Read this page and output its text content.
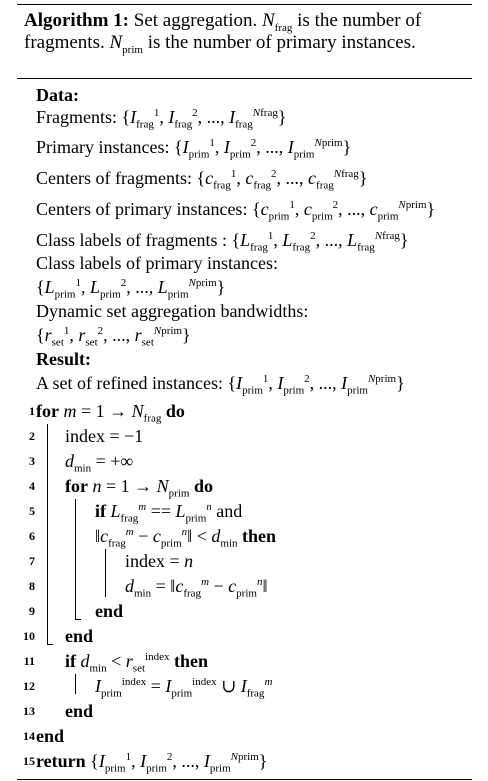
Algorithm 1: Set aggregation. $N_{frag}$ is the number of fragments. $N_{prim}$ is the number of primary instances.
Data:
Fragments: {$I_{frag}^1$, $I_{frag}^2$, ..., $I_{frag}^{Nfrag}$}
Primary instances: {$I_{prim}^1$, $I_{prim}^2$, ..., $I_{prim}^{Nprim}$}
Centers of fragments: {$c_{frag}^1$, $c_{frag}^2$, ..., $c_{frag}^{Nfrag}$}
Centers of primary instances: {$c_{prim}^1$, $c_{prim}^2$, ..., $c_{prim}^{Nprim}$}
Class labels of fragments : {$L_{frag}^1$, $L_{frag}^2$, ..., $L_{frag}^{Nfrag}$}
Class labels of primary instances:
{$L_{prim}^1$, $L_{prim}^2$, ..., $L_{prim}^{Nprim}$}
Dynamic set aggregation bandwidths:
{$r_{set}^1$, $r_{set}^2$, ..., $r_{set}^{Nprim}$}
Result:
A set of refined instances: {$I_{prim}^1$, $I_{prim}^2$, ..., $I_{prim}^{Nprim}$}
1
2
3
4
5
6
7
8
9
10
11
12
13
14
15
for $m = 1 \to N_{frag}$ do
index = −1
$d_{min}$ = +∞
for $n = 1 \to N_{prim}$ do
if $L_{frag}^m == L_{prim}^n$ and
$‖c_{frag}^m$ − $c_{prim}^n‖ < d_{min}$ then
index = n
$d_{min}$ = $‖c_{frag}^m$ − $c_{prim}^n‖$
end
end
if $d_{min} < r_{set}^{index}$ then
$I_{prim}^{index} = I_{prim}^{index}$ ∪ $I_{frag}^m$
end
end
return {$I_{prim}^1$, $I_{prim}^2$, ..., $I_{prim}^{Nprim}$}
